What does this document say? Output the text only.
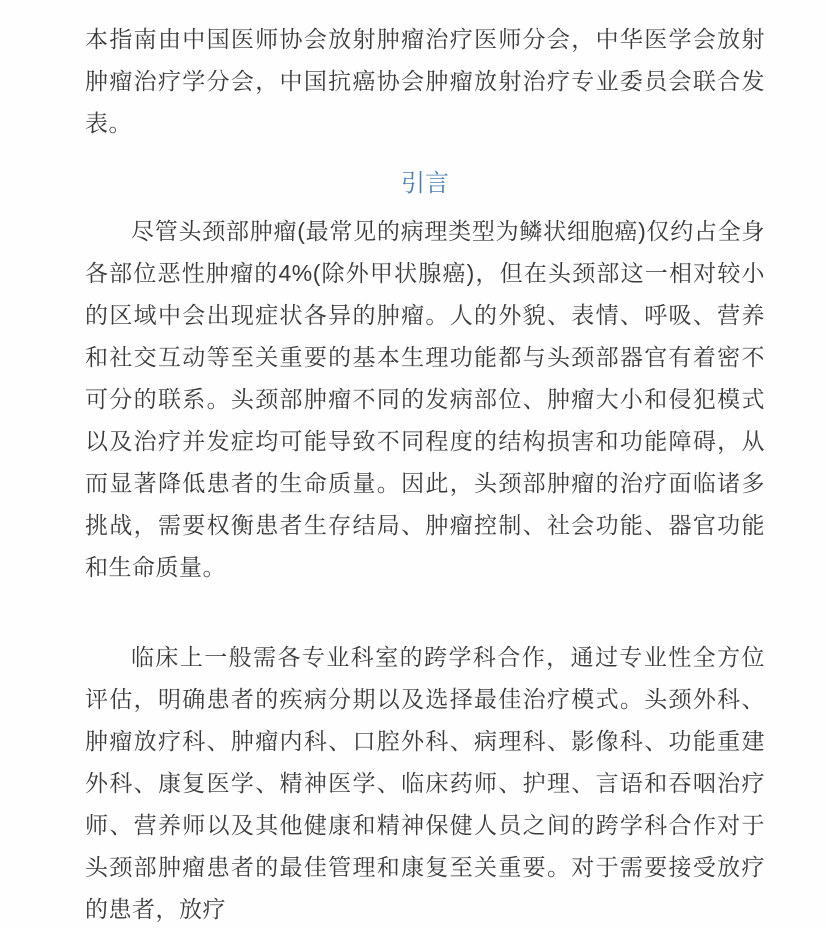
本指南由中国医师协会放射肿瘤治疗医师分会，中华医学会放射肿瘤治疗学分会，中国抗癌协会肿瘤放射治疗专业委员会联合发表。

引言

尽管头颈部肿瘤(最常见的病理类型为鳞状细胞癌)仅约占全身各部位恶性肿瘤的4%(除外甲状腺癌)，但在头颈部这一相对较小的区域中会出现症状各异的肿瘤。人的外貌、表情、呼吸、营养和社交互动等至关重要的基本生理功能都与头颈部器官有着密不可分的联系。头颈部肿瘤不同的发病部位、肿瘤大小和侵犯模式以及治疗并发症均可能导致不同程度的结构损害和功能障碍，从而显著降低患者的生命质量。因此，头颈部肿瘤的治疗面临诸多挑战，需要权衡患者生存结局、肿瘤控制、社会功能、器官功能和生命质量。

临床上一般需各专业科室的跨学科合作，通过专业性全方位评估，明确患者的疾病分期以及选择最佳治疗模式。头颈外科、肿瘤放疗科、肿瘤内科、口腔外科、病理科、影像科、功能重建外科、康复医学、精神医学、临床药师、护理、言语和吞咽治疗师、营养师以及其他健康和精神保健人员之间的跨学科合作对于头颈部肿瘤患者的最佳管理和康复至关重要。对于需要接受放疗的患者，放疗
